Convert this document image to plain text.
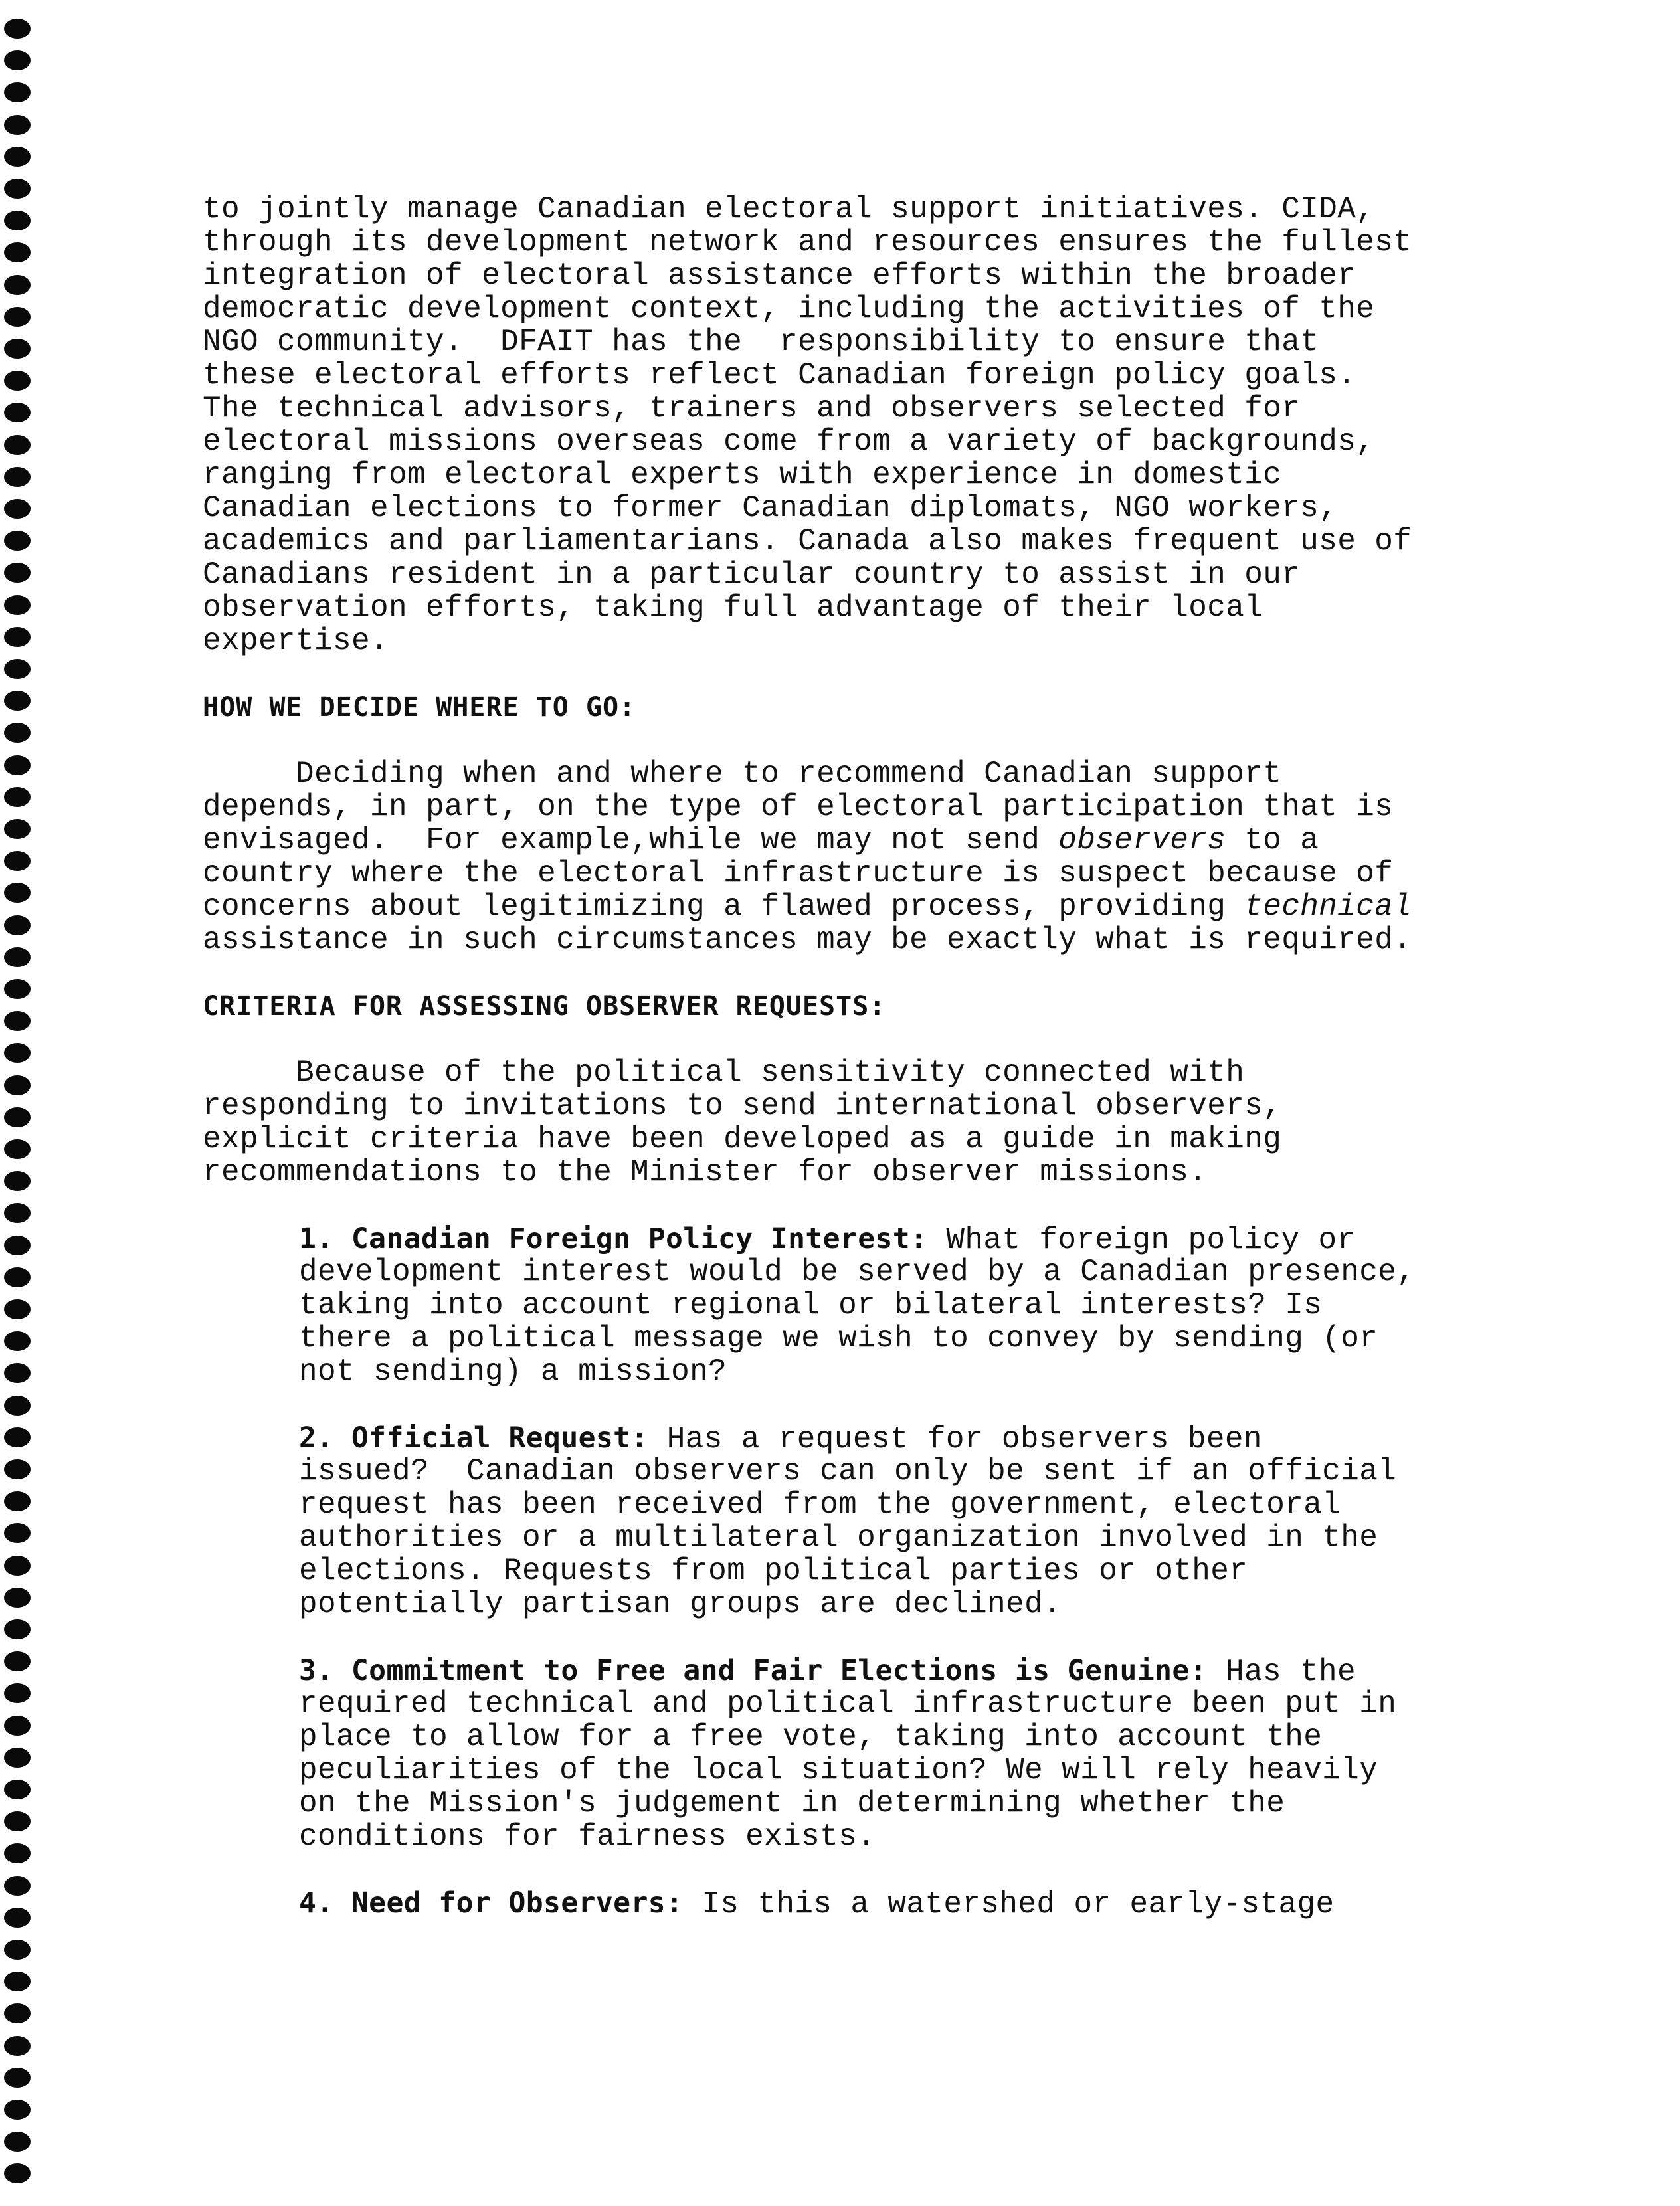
to jointly manage Canadian electoral support initiatives. CIDA,
through its development network and resources ensures the fullest
integration of electoral assistance efforts within the broader
democratic development context, including the activities of the
NGO community.  DFAIT has the  responsibility to ensure that
these electoral efforts reflect Canadian foreign policy goals.
The technical advisors, trainers and observers selected for
electoral missions overseas come from a variety of backgrounds,
ranging from electoral experts with experience in domestic
Canadian elections to former Canadian diplomats, NGO workers,
academics and parliamentarians. Canada also makes frequent use of
Canadians resident in a particular country to assist in our
observation efforts, taking full advantage of their local
expertise.
HOW WE DECIDE WHERE TO GO:
Deciding when and where to recommend Canadian support
depends, in part, on the type of electoral participation that is
envisaged.  For example,while we may not send observers to a
country where the electoral infrastructure is suspect because of
concerns about legitimizing a flawed process, providing technical
assistance in such circumstances may be exactly what is required.
CRITERIA FOR ASSESSING OBSERVER REQUESTS:
Because of the political sensitivity connected with
responding to invitations to send international observers,
explicit criteria have been developed as a guide in making
recommendations to the Minister for observer missions.
1. Canadian Foreign Policy Interest: What foreign policy or
development interest would be served by a Canadian presence,
taking into account regional or bilateral interests? Is
there a political message we wish to convey by sending (or
not sending) a mission?
2. Official Request: Has a request for observers been
issued?  Canadian observers can only be sent if an official
request has been received from the government, electoral
authorities or a multilateral organization involved in the
elections. Requests from political parties or other
potentially partisan groups are declined.
3. Commitment to Free and Fair Elections is Genuine: Has the
required technical and political infrastructure been put in
place to allow for a free vote, taking into account the
peculiarities of the local situation? We will rely heavily
on the Mission's judgement in determining whether the
conditions for fairness exists.
4. Need for Observers: Is this a watershed or early-stage
